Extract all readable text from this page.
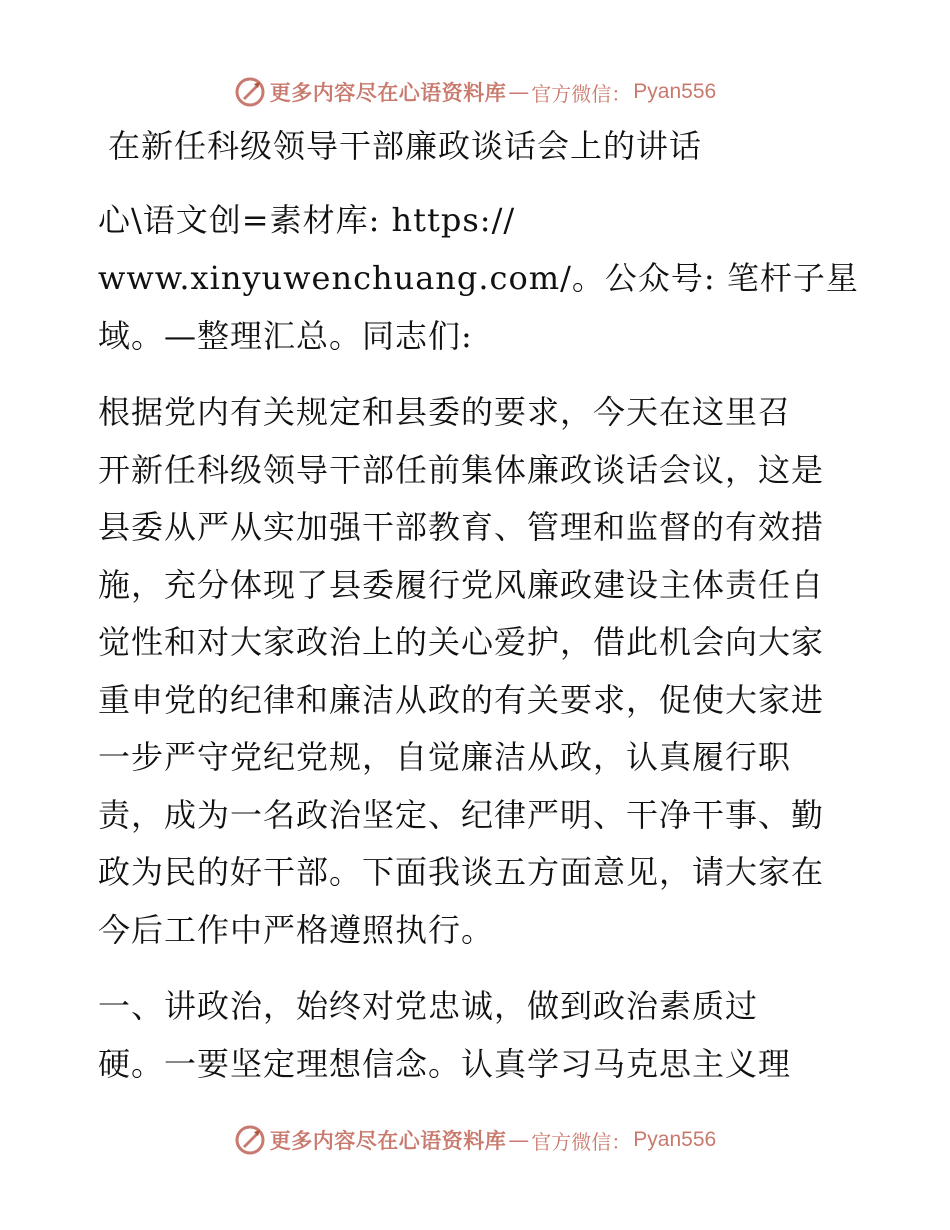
更多内容尽在心语资料库 — 官方微信： Pyan556
在新任科级领导干部廉政谈话会上的讲话
心\语文创=素材库: https://
www.xinyuwenchuang.com/。公众号: 笔杆子星
域。—整理汇总。同志们:
根据党内有关规定和县委的要求，今天在这里召
开新任科级领导干部任前集体廉政谈话会议，这是
县委从严从实加强干部教育、管理和监督的有效措
施，充分体现了县委履行党风廉政建设主体责任自
觉性和对大家政治上的关心爱护，借此机会向大家
重申党的纪律和廉洁从政的有关要求，促使大家进
一步严守党纪党规，自觉廉洁从政，认真履行职
责，成为一名政治坚定、纪律严明、干净干事、勤
政为民的好干部。下面我谈五方面意见，请大家在
今后工作中严格遵照执行。
一、讲政治，始终对党忠诚，做到政治素质过
硬。一要坚定理想信念。认真学习马克思主义理
更多内容尽在心语资料库 — 官方微信： Pyan556
